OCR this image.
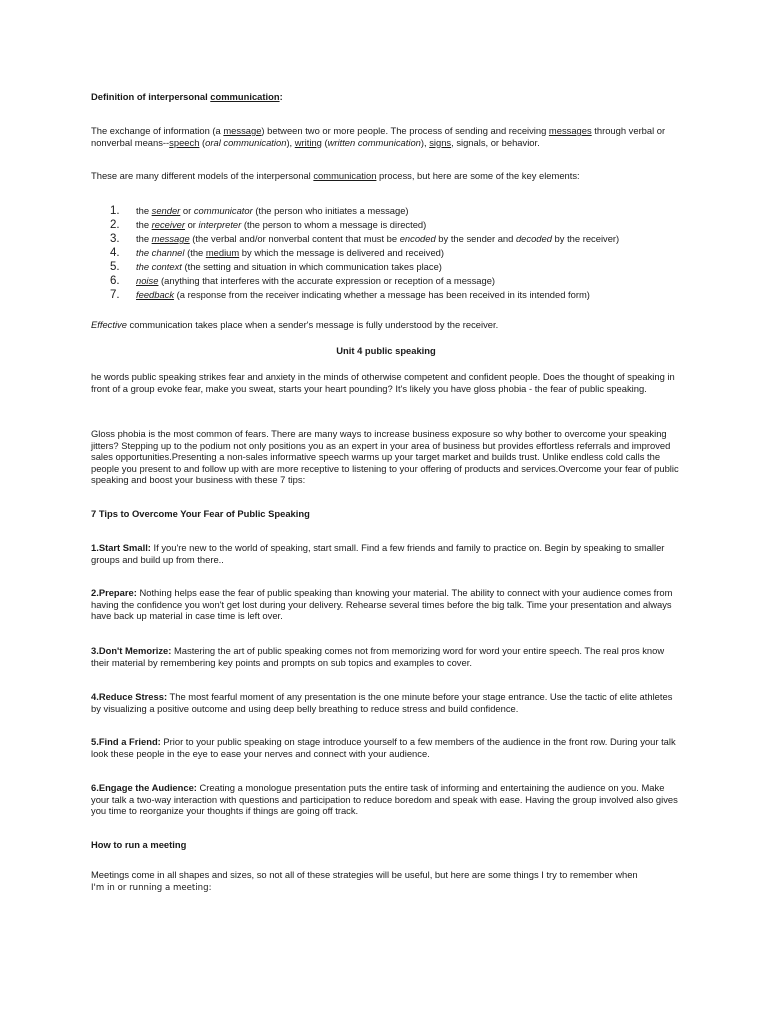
Definition of interpersonal communication:

The exchange of information (a message) between two or more people. The process of sending and receiving messages through verbal or nonverbal means--speech (oral communication), writing (written communication), signs, signals, or behavior.

These are many different models of the interpersonal communication process, but here are some of the key elements:

1. the sender or communicator (the person who initiates a message)
2. the receiver or interpreter (the person to whom a message is directed)
3. the message (the verbal and/or nonverbal content that must be encoded by the sender and decoded by the receiver)
4. the channel (the medium by which the message is delivered and received)
5. the context (the setting and situation in which communication takes place)
6. noise (anything that interferes with the accurate expression or reception of a message)
7. feedback (a response from the receiver indicating whether a message has been received in its intended form)

Effective communication takes place when a sender's message is fully understood by the receiver.

Unit 4 public speaking

he words public speaking strikes fear and anxiety in the minds of otherwise competent and confident people. Does the thought of speaking in front of a group evoke fear, make you sweat, starts your heart pounding? It's likely you have gloss phobia - the fear of public speaking.

Gloss phobia is the most common of fears. There are many ways to increase business exposure so why bother to overcome your speaking jitters? Stepping up to the podium not only positions you as an expert in your area of business but provides effortless referrals and improved sales opportunities.Presenting a non-sales informative speech warms up your target market and builds trust. Unlike endless cold calls the people you present to and follow up with are more receptive to listening to your offering of products and services.Overcome your fear of public speaking and boost your business with these 7 tips:

7 Tips to Overcome Your Fear of Public Speaking

1.Start Small: If you're new to the world of speaking, start small. Find a few friends and family to practice on. Begin by speaking to smaller groups and build up from there..

2.Prepare: Nothing helps ease the fear of public speaking than knowing your material. The ability to connect with your audience comes from having the confidence you won't get lost during your delivery. Rehearse several times before the big talk. Time your presentation and always have back up material in case time is left over.

3.Don't Memorize: Mastering the art of public speaking comes not from memorizing word for word your entire speech. The real pros know their material by remembering key points and prompts on sub topics and examples to cover.

4.Reduce Stress: The most fearful moment of any presentation is the one minute before your stage entrance. Use the tactic of elite athletes by visualizing a positive outcome and using deep belly breathing to reduce stress and build confidence.

5.Find a Friend: Prior to your public speaking on stage introduce yourself to a few members of the audience in the front row. During your talk look these people in the eye to ease your nerves and connect with your audience.

6.Engage the Audience: Creating a monologue presentation puts the entire task of informing and entertaining the audience on you. Make your talk a two-way interaction with questions and participation to reduce boredom and speak with ease. Having the group involved also gives you time to reorganize your thoughts if things are going off track.

How to run a meeting

Meetings come in all shapes and sizes, so not all of these strategies will be useful, but here are some things I try to remember when
I'm in or running a meeting:
